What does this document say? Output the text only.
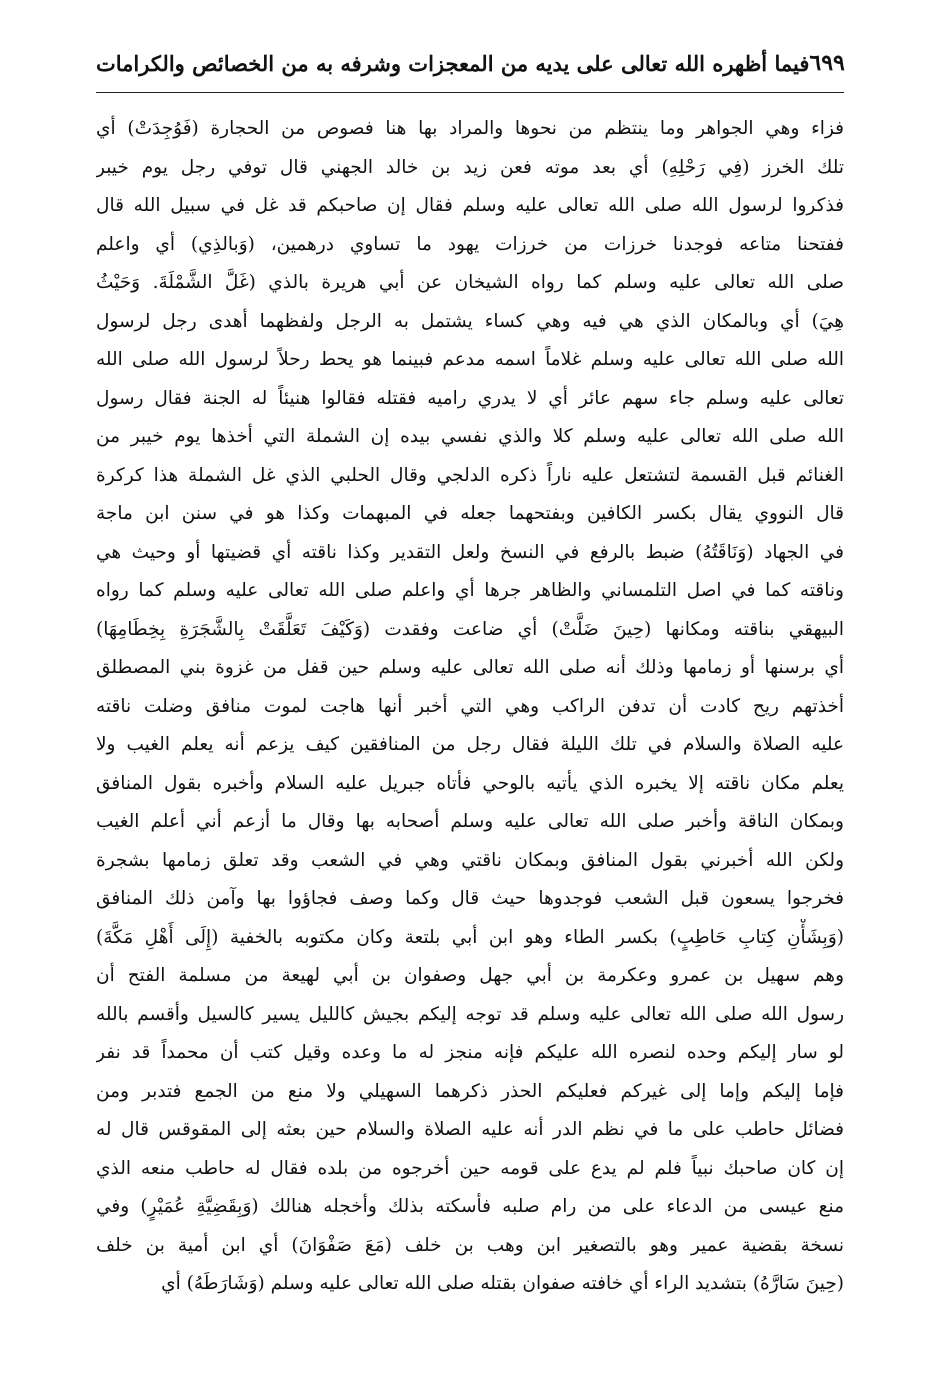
فيما أظهره الله تعالى على يديه من المعجزات وشرفه به من الخصائص والكرامات ٦٩٩
فزاء وهي الجواهر وما ينتظم من نحوها والمراد بها هنا فصوص من الحجارة (فَوُجِدَتْ) أي
تلك الخرز (فِي رَحْلِهِ) أي بعد موته فعن زيد بن خالد الجهني قال توفي رجل يوم خيبر
فذكروا لرسول الله صلى الله تعالى عليه وسلم فقال إن صاحبكم قد غل في سبيل الله قال
ففتحنا متاعه فوجدنا خرزات من خرزات يهود ما تساوي درهمين، (وَبالذِي) أي واعلم
صلى الله تعالى عليه وسلم كما رواه الشيخان عن أبي هريرة بالذي (غَلَّ الشَّمْلَةَ. وَحَيْثُ
هِيَ) أي وبالمكان الذي هي فيه وهي كساء يشتمل به الرجل ولفظهما أهدى رجل لرسول
الله صلى الله تعالى عليه وسلم غلاماً اسمه مدعم فبينما هو يحط رحلاً لرسول الله صلى الله
تعالى عليه وسلم جاء سهم عائر أي لا يدري راميه فقتله فقالوا هنيئاً له الجنة فقال رسول
الله صلى الله تعالى عليه وسلم كلا والذي نفسي بيده إن الشملة التي أخذها يوم خيبر من
الغنائم قبل القسمة لتشتعل عليه ناراً ذكره الدلجي وقال الحلبي الذي غل الشملة هذا كركرة
قال النووي يقال بكسر الكافين وبفتحهما جعله في المبهمات وكذا هو في سنن ابن ماجة
في الجهاد (وَنَاقَتُهُ) ضبط بالرفع في النسخ ولعل التقدير وكذا ناقته أي قضيتها أو وحيث هي
وناقته كما في اصل التلمساني والظاهر جرها أي واعلم صلى الله تعالى عليه وسلم كما رواه
البيهقي بناقته ومكانها (حِينَ ضَلَّتْ) أي ضاعت وفقدت (وَكَيْفَ تَعَلَّقَتْ بِالشَّجَرَةِ بِخِطَامِهَا)
أي برسنها أو زمامها وذلك أنه صلى الله تعالى عليه وسلم حين قفل من غزوة بني المصطلق
أخذتهم ريح كادت أن تدفن الراكب وهي التي أخبر أنها هاجت لموت منافق وضلت ناقته
عليه الصلاة والسلام في تلك الليلة فقال رجل من المنافقين كيف يزعم أنه يعلم الغيب ولا
يعلم مكان ناقته إلا يخبره الذي يأتيه بالوحي فأتاه جبريل عليه السلام وأخبره بقول المنافق
وبمكان الناقة وأخبر صلى الله تعالى عليه وسلم أصحابه بها وقال ما أزعم أني أعلم الغيب
ولكن الله أخبرني بقول المنافق وبمكان ناقتي وهي في الشعب وقد تعلق زمامها بشجرة
فخرجوا يسعون قبل الشعب فوجدوها حيث قال وكما وصف فجاؤوا بها وآمن ذلك المنافق
(وَبِشَأْنِ كِتابِ حَاطِبٍ) بكسر الطاء وهو ابن أبي بلتعة وكان مكتوبه بالخفية (إِلَى أَهْلِ مَكَّةَ)
وهم سهيل بن عمرو وعكرمة بن أبي جهل وصفوان بن أبي لهيعة من مسلمة الفتح أن
رسول الله صلى الله تعالى عليه وسلم قد توجه إليكم بجيش كالليل يسير كالسيل وأقسم بالله
لو سار إليكم وحده لنصره الله عليكم فإنه منجز له ما وعده وقيل كتب أن محمداً قد نفر
فإما إليكم وإما إلى غيركم فعليكم الحذر ذكرهما السهيلي ولا منع من الجمع فتدبر ومن
فضائل حاطب على ما في نظم الدر أنه عليه الصلاة والسلام حين بعثه إلى المقوقس قال له
إن كان صاحبك نبياً فلم لم يدع على قومه حين أخرجوه من بلده فقال له حاطب منعه الذي
منع عيسى من الدعاء على من رام صلبه فأسكته بذلك وأخجله هنالك (وَبِقَضِيَّةِ عُمَيْرٍ) وفي
نسخة بقضية عمير وهو بالتصغير ابن وهب بن خلف (مَعَ صَفْوَانَ) أي ابن أمية بن خلف
(حِينَ سَارَّهُ) بتشديد الراء أي خافته صفوان بقتله صلى الله تعالى عليه وسلم (وَشَارَطَهُ) أي
